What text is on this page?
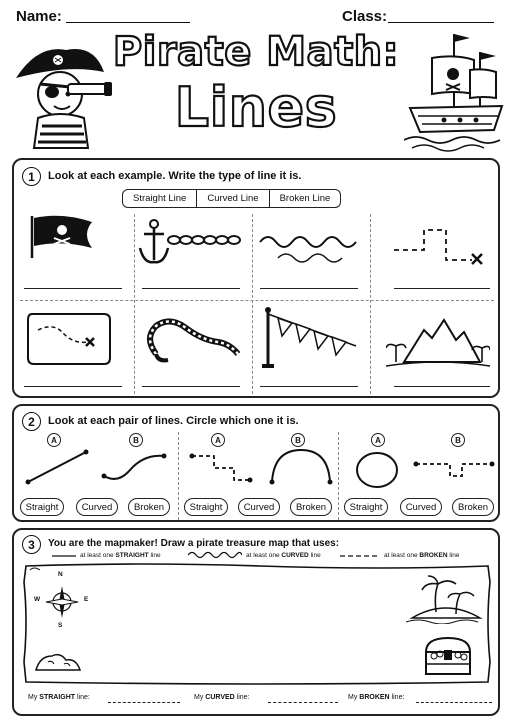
Name:	Class:
Pirate Math:
Lines
1	Look at each example. Write the type of line it is.
Straight Line	Curved Line	Broken Line
2	Look at each pair of lines. Circle which one it is.
A	B
Straight	Curved	Broken
A	B
Straight	Curved	Broken
A	B
Straight	Curved	Broken
3	You are the mapmaker! Draw a pirate treasure map that uses:
at least one STRAIGHT line	at least one CURVED line	at least one BROKEN line
N
S
E
W
My STRAIGHT line:	My CURVED line:	My BROKEN line:
